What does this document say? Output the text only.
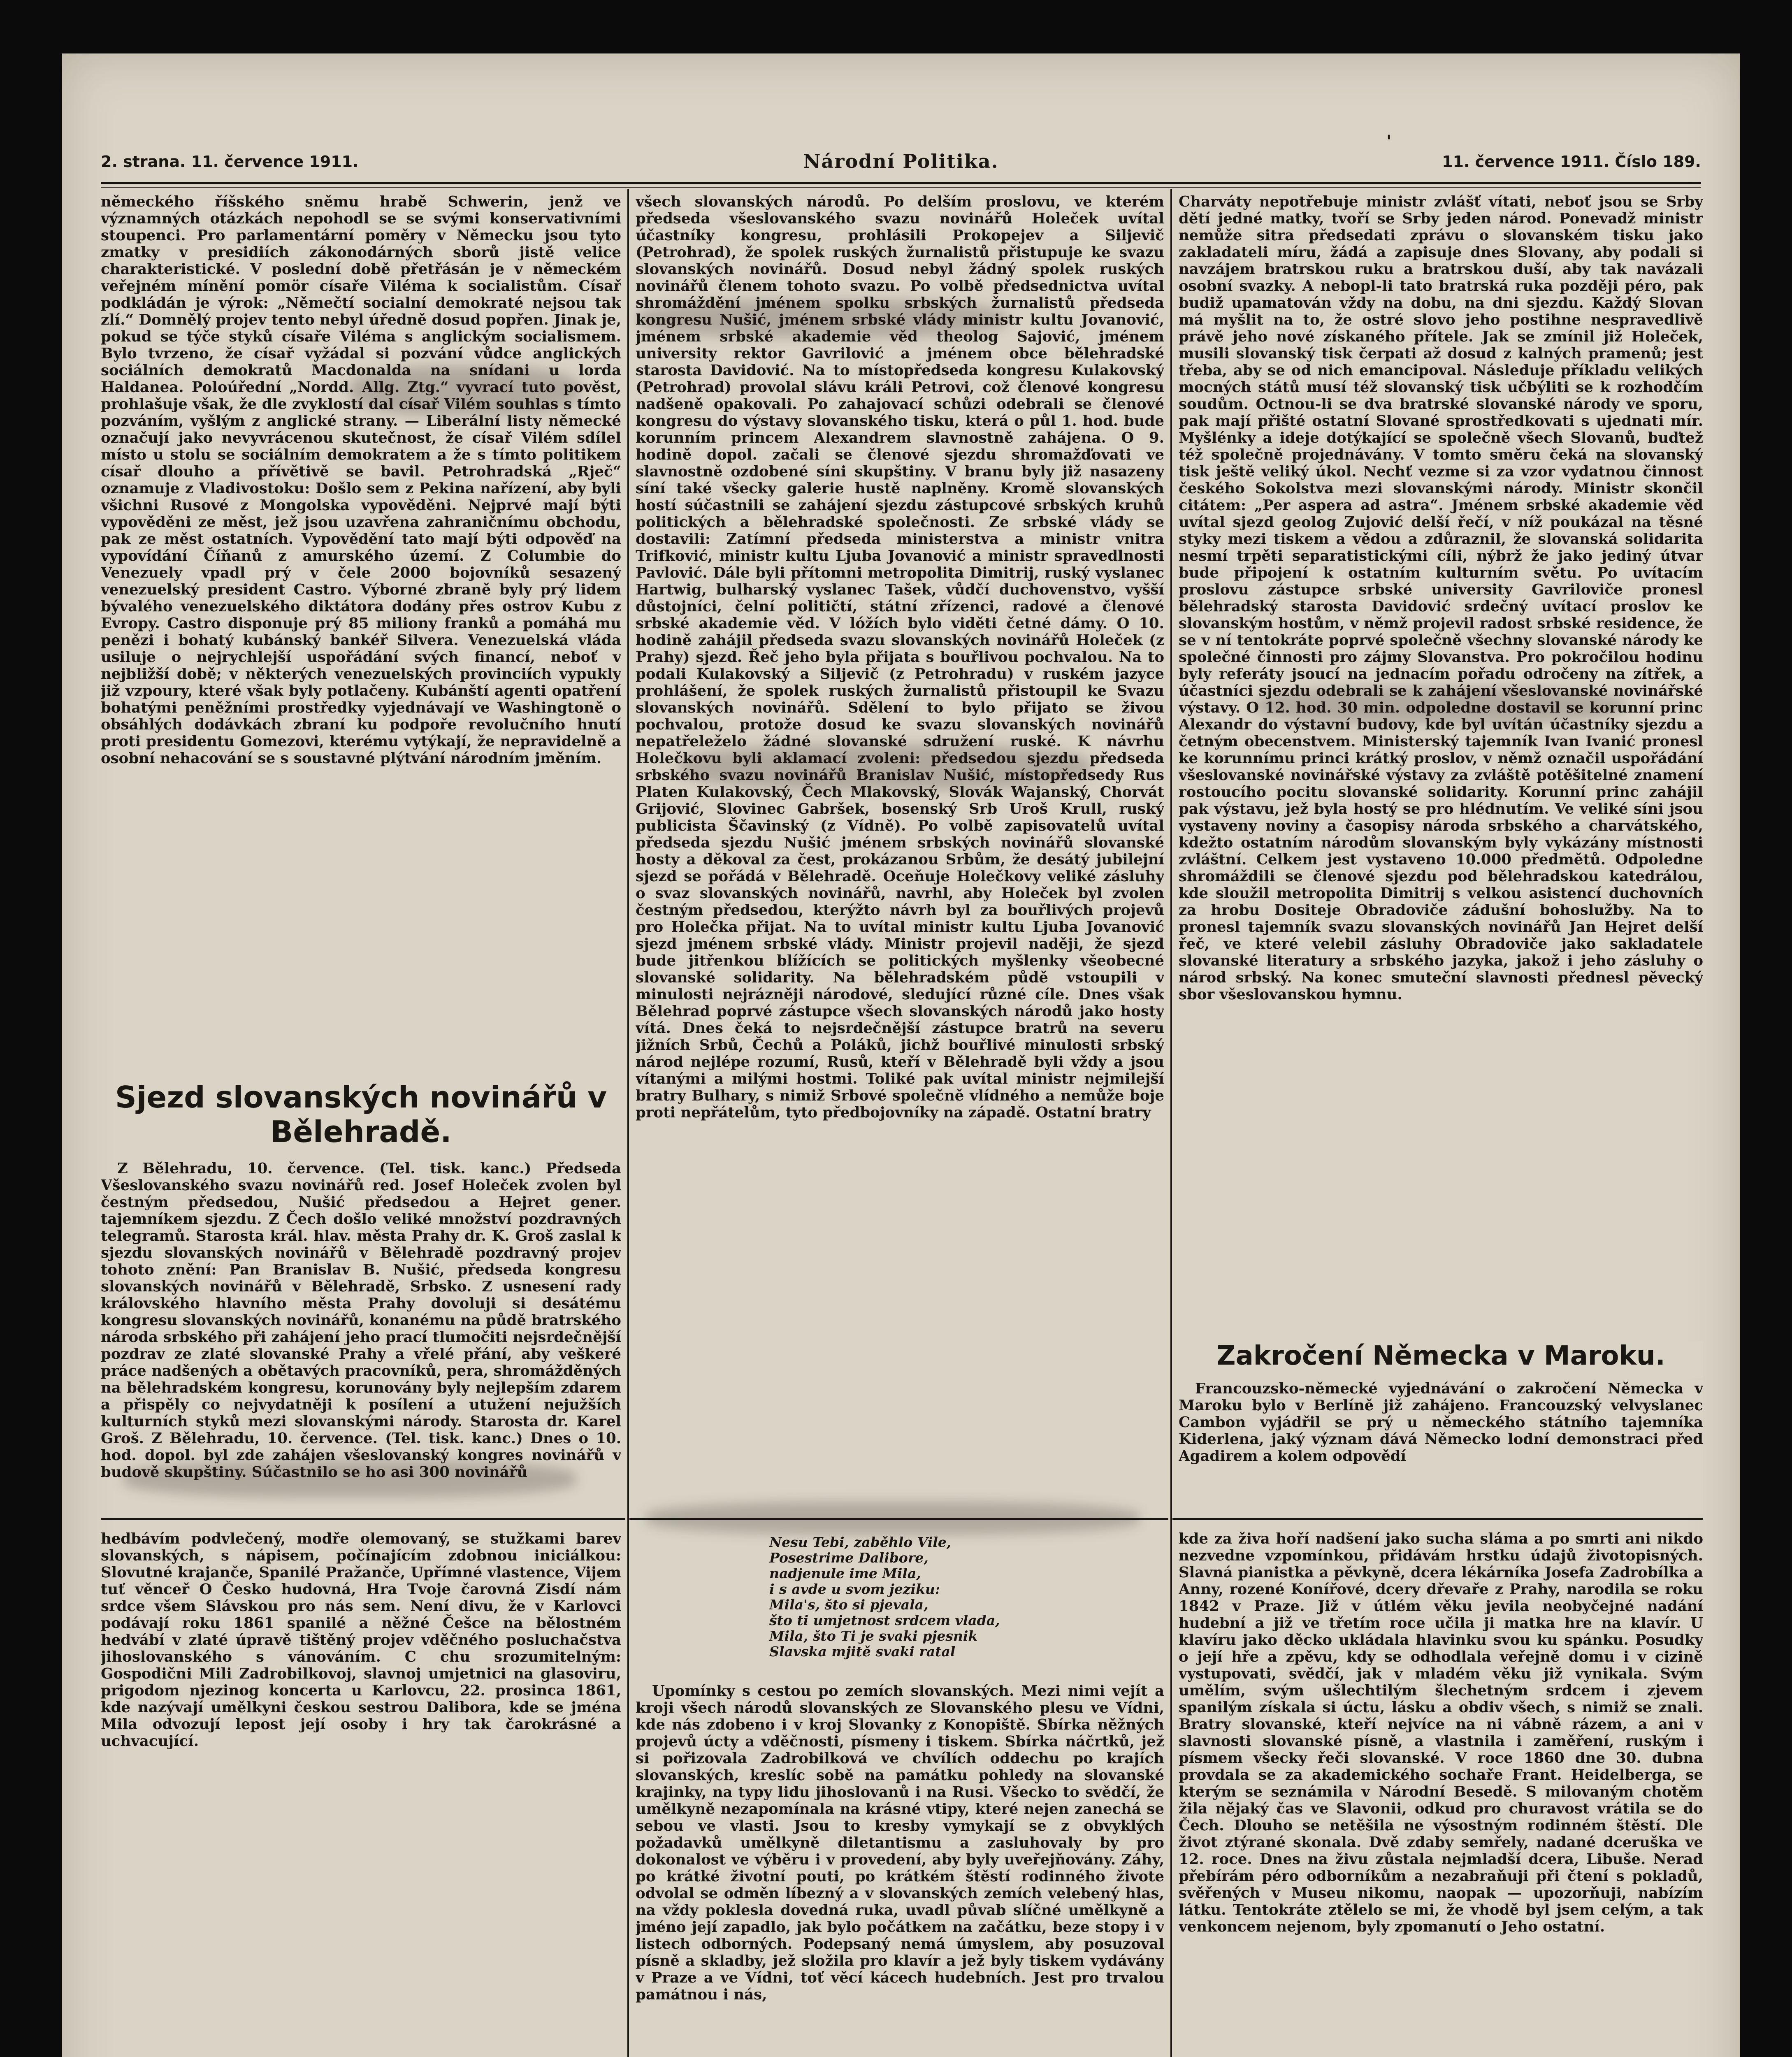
2. strana. 11. července 1911.	Národní Politika.	11. července 1911. Číslo 189.

německého říšského sněmu hrabě Schwerin, jenž ve významných otázkách nepohodl se se svými konservativními stoupenci. Pro parlamentární poměry v Německu jsou tyto zmatky v presidiích zákonodárných sborů jistě velice charakteristické. V poslední době přetřásán je v německém veřejném mínění pomör císaře Viléma k socialistům. Císař podkládán je výrok: „Němečtí socialní demokraté nejsou tak zlí.“ Domnělý projev tento nebyl úředně dosud popřen. Jinak je, pokud se týče styků císaře Viléma s anglickým socialismem. Bylo tvrzeno, že císař vyžádal si pozvání vůdce anglických sociálních demokratů Macdonalda na snídani u lorda Haldanea. Poloúřední „Nordd. Allg. Ztg.“ vyvrací tuto pověst, prohlašuje však, že dle zvyklostí dal císař Vilém souhlas s tímto pozváním, vyšlým z anglické strany. — Liberální listy německé označují jako nevyvrácenou skutečnost, že císař Vilém sdílel místo u stolu se sociálním demokratem a že s tímto politikem císař dlouho a přívětivě se bavil. Petrohradská „Rječ“ oznamuje z Vladivostoku: Došlo sem z Pekina nařízení, aby byli všichni Rusové z Mongolska vypověděni. Nejprvé mají býti vypověděni ze měst, jež jsou uzavřena zahraničnímu obchodu, pak ze měst ostatních. Vypovědění tato mají býti odpověď na vypovídání Číňanů z amurského území. Z Columbie do Venezuely vpadl prý v čele 2000 bojovníků sesazený venezuelský president Castro. Výborné zbraně byly prý lidem bývalého venezuelského diktátora dodány přes ostrov Kubu z Evropy. Castro disponuje prý 85 miliony franků a pomáhá mu penězi i bohatý kubánský bankéř Silvera. Venezuelská vláda usiluje o nejrychlejší uspořádání svých financí, neboť v nejbližší době; v některých venezuelských provinciích vypukly již vzpoury, které však byly potlačeny. Kubánští agenti opatření bohatými peněžními prostředky vyjednávají ve Washingtoně o obsáhlých dodávkách zbraní ku podpoře revolučního hnutí proti presidentu Gomezovi, kterému vytýkají, že nepravidelně a osobní nehacování se s soustavné plýtvání národním jměním.

Sjezd slovanských novinářů v Bělehradě.

Z Bělehradu, 10. července. (Tel. tisk. kanc.) Předseda Všeslovanského svazu novinářů red. Josef Holeček zvolen byl čestným předsedou, Nušić předsedou a Hejret gener. tajemníkem sjezdu. Z Čech došlo veliké množství pozdravných telegramů. Starosta král. hlav. města Prahy dr. K. Groš zaslal k sjezdu slovanských novinářů v Bělehradě pozdravný projev tohoto znění: Pan Branislav B. Nušić, předseda kongresu slovanských novinářů v Bělehradě, Srbsko. Z usnesení rady královského hlavního města Prahy dovoluji si desátému kongresu slovanských novinářů, konanému na půdě bratrského národa srbského při zahájení jeho prací tlumočiti nejsrdečnější pozdrav ze zlaté slovanské Prahy a vřelé přání, aby veškeré práce nadšených a obětavých pracovníků, pera, shromážděných na bělehradském kongresu, korunovány byly nejlepším zdarem a přispěly co nejvydatněji k posílení a utužení nejužších kulturních styků mezi slovanskými národy. Starosta dr. Karel Groš. Z Bělehradu, 10. července. (Tel. tisk. kanc.) Dnes o 10. hod. dopol. byl zde zahájen všeslovanský kongres novinářů v budově skupštiny. Súčastnilo se ho asi 300 novinářů

hedbávím podvlečený, modře olemovaný, se stužkami barev slovanských, s nápisem, počínajícím zdobnou iniciálkou: Slovutné krajanče, Spanilé Pražanče, Upřímné vlastence, Vijem tuť věnceř O Česko hudovná, Hra Tvoje čarovná Zisdí nám srdce všem Slávskou pro nás sem. Není divu, že v Karlovci podávají roku 1861 spanilé a něžné Češce na bělostném hedvábí v zlaté úpravě tištěný projev vděčného posluchačstva jihoslovanského s vánováním. C chu srozumitelným: Gospodični Mili Zadrobilkovoj, slavnoj umjetnici na glasoviru, prigodom njezinog koncerta u Karlovcu, 22. prosinca 1861, kde nazývají umělkyni českou sestrou Dalibora, kde se jména Mila odvozují lepost její osoby i hry tak čarokrásné a uchvacující.

všech slovanských národů. Po delším proslovu, ve kterém předseda všeslovanského svazu novinářů Holeček uvítal účastníky kongresu, prohlásili Prokopejev a Siljevič (Petrohrad), že spolek ruských žurnalistů přistupuje ke svazu slovanských novinářů. Dosud nebyl žádný spolek ruských novinářů členem tohoto svazu. Po volbě předsednictva uvítal shromáždění jménem spolku srbských žurnalistů předseda kongresu Nušić, jménem srbské vlády ministr kultu Jovanović, jménem srbské akademie věd theolog Sajović, jménem university rektor Gavrilović a jménem obce bělehradské starosta Davidović. Na to místopředseda kongresu Kulakovský (Petrohrad) provolal slávu králi Petrovi, což členové kongresu nadšeně opakovali. Po zahajovací schůzi odebrali se členové kongresu do výstavy slovanského tisku, která o půl 1. hod. bude korunním princem Alexandrem slavnostně zahájena. O 9. hodině dopol. začali se členové sjezdu shromažďovati ve slavnostně ozdobené síni skupštiny. V branu byly již nasazeny síní také všecky galerie hustě naplněny. Kromě slovanských hostí súčastnili se zahájení sjezdu zástupcové srbských kruhů politických a bělehradské společnosti. Ze srbské vlády se dostavili: Zatímní předseda ministerstva a ministr vnitra Trifković, ministr kultu Ljuba Jovanović a ministr spravedlnosti Pavlović. Dále byli přítomni metropolita Dimitrij, ruský vyslanec Hartwig, bulharský vyslanec Tašek, vůdčí duchovenstvo, vyšší důstojníci, čelní političtí, státní zřízenci, radové a členové srbské akademie věd. V lóžích bylo viděti četné dámy. O 10. hodině zahájil předseda svazu slovanských novinářů Holeček (z Prahy) sjezd. Řeč jeho byla přijata s bouřlivou pochvalou. Na to podali Kulakovský a Siljevič (z Petrohradu) v ruském jazyce prohlášení, že spolek ruských žurnalistů přistoupil ke Svazu slovanských novinářů. Sdělení to bylo přijato se živou pochvalou, protože dosud ke svazu slovanských novinářů nepatřeleželo žádné slovanské sdružení ruské. K návrhu Holečkovu byli aklamací zvoleni: předsedou sjezdu předseda srbského svazu novinářů Branislav Nušić, místopředsedy Rus Platen Kulakovský, Čech Mlakovský, Slovák Wajanský, Chorvát Grijović, Slovinec Gabršek, bosenský Srb Uroš Krull, ruský publicista Ščavinský (z Vídně). Po volbě zapisovatelů uvítal předseda sjezdu Nušić jménem srbských novinářů slovanské hosty a děkoval za čest, prokázanou Srbům, že desátý jubilejní sjezd se pořádá v Bělehradě. Oceňuje Holečkovy veliké zásluhy o svaz slovanských novinářů, navrhl, aby Holeček byl zvolen čestným předsedou, kterýžto návrh byl za bouřlivých projevů pro Holečka přijat. Na to uvítal ministr kultu Ljuba Jovanović sjezd jménem srbské vlády. Ministr projevil naději, že sjezd bude jitřenkou blížících se politických myšlenky všeobecné slovanské solidarity. Na bělehradském půdě vstoupili v minulosti nejrázněji národové, sledující různé cíle. Dnes však Bělehrad poprvé zástupce všech slovanských národů jako hosty vítá. Dnes čeká to nejsrdečnější zástupce bratrů na severu jižních Srbů, Čechů a Poláků, jichž bouřlivé minulosti srbský národ nejlépe rozumí, Rusů, kteří v Bělehradě byli vždy a jsou vítanými a milými hostmi. Toliké pak uvítal ministr nejmilejší bratry Bulhary, s nimiž Srbové společně vlídného a nemůže boje proti nepřátelům, tyto předbojovníky na západě. Ostatní bratry

Nesu Tebi, zaběhlo Vile,
Posestrime Dalibore,
nadjenule ime Mila,
i s avde u svom jeziku:
Mila's, što si pjevala,
što ti umjetnost srdcem vlada,
Mila, što Ti je svaki pjesnik
Slavska mjitě svaki ratal

Upomínky s cestou po zemích slovanských. Mezi nimi vejít a kroji všech národů slovanských ze Slovanského plesu ve Vídni, kde nás zdobeno i v kroj Slovanky z Konopiště. Sbírka něžných projevů úcty a vděčnosti, písmeny i tiskem. Sbírka náčrtků, jež si pořizovala Zadrobilková ve chvílích oddechu po krajích slovanských, kreslíc sobě na památku pohledy na slovanské krajinky, na typy lidu jihoslovanů i na Rusi. Všecko to svědčí, že umělkyně nezapomínala na krásné vtipy, které nejen zanechá se sebou ve vlasti. Jsou to kresby vymykají se z obvyklých požadavků umělkyně diletantismu a zasluhovaly by pro dokonalost ve výběru i v provedení, aby byly uveřejňovány. Záhy, po krátké životní pouti, po krátkém štěstí rodinného živote odvolal se odměn líbezný a v slovanských zemích velebený hlas, na vždy poklesla dovedná ruka, uvadl půvab slíčné umělkyně a jméno její zapadlo, jak bylo počátkem na začátku, beze stopy i v listech odborných. Podepsaný nemá úmyslem, aby posuzoval písně a skladby, jež složila pro klavír a jež byly tiskem vydávány v Praze a ve Vídni, toť věcí kácech hudebních. Jest pro trvalou památnou i nás,

Charváty nepotřebuje ministr zvlášť vítati, neboť jsou se Srby dětí jedné matky, tvoří se Srby jeden národ. Ponevadž ministr nemůže sitra předsedati zprávu o slovanském tisku jako zakladateli míru, žádá a zapisuje dnes Slovany, aby podali si navzájem bratrskou ruku a bratrskou duší, aby tak navázali osobní svazky. A nebopl-li tato bratrská ruka později péro, pak budiž upamatován vždy na dobu, na dni sjezdu. Každý Slovan má myšlit na to, že ostré slovo jeho postihne nespravedlivě právě jeho nové získaného přítele. Jak se zmínil již Holeček, musili slovanský tisk čerpati až dosud z kalných pramenů; jest třeba, aby se od nich emancipoval. Následuje příkladu velikých mocných států musí též slovanský tisk učbýliti se k rozhodčím soudům. Octnou-li se dva bratrské slovanské národy ve sporu, pak mají přišté ostatní Slované sprostředkovati s ujednati mír. Myšlénky a ideje dotýkající se společně všech Slovanů, buďtež též společně projednávány. V tomto směru čeká na slovanský tisk ještě veliký úkol. Nechť vezme si za vzor vydatnou činnost českého Sokolstva mezi slovanskými národy. Ministr skončil citátem: „Per aspera ad astra“. Jménem srbské akademie věd uvítal sjezd geolog Zujović delší řečí, v níž poukázal na těsné styky mezi tiskem a vědou a zdůraznil, že slovanská solidarita nesmí trpěti separatistickými cíli, nýbrž že jako jediný útvar bude připojení k ostatním kulturním světu. Po uvítacím proslovu zástupce srbské university Gavriloviče pronesl bělehradský starosta Davidović srdečný uvítací proslov ke slovanským hostům, v němž projevil radost srbské residence, že se v ní tentokráte poprvé společně všechny slovanské národy ke společné činnosti pro zájmy Slovanstva. Pro pokročilou hodinu byly referáty jsoucí na jednacím pořadu odročeny na zítřek, a účastníci sjezdu odebrali se k zahájení všeslovanské novinářské výstavy. O 12. hod. 30 min. odpoledne dostavil se korunní princ Alexandr do výstavní budovy, kde byl uvítán účastníky sjezdu a četným obecenstvem. Ministerský tajemník Ivan Ivanić pronesl ke korunnímu princi krátký proslov, v němž označil uspořádání všeslovanské novinářské výstavy za zvláště potěšitelné znamení rostoucího pocitu slovanské solidarity. Korunní princ zahájil pak výstavu, jež byla hostý se pro hlédnutím. Ve veliké síni jsou vystaveny noviny a časopisy národa srbského a charvátského, kdežto ostatním národům slovanským byly vykázány místnosti zvláštní. Celkem jest vystaveno 10.000 předmětů. Odpoledne shromáždili se členové sjezdu pod bělehradskou katedrálou, kde sloužil metropolita Dimitrij s velkou asistencí duchovních za hrobu Dositeje Obradoviče zádušní bohoslužby. Na to pronesl tajemník svazu slovanských novinářů Jan Hejret delší řeč, ve které velebil zásluhy Obradoviče jako sakladatele slovanské literatury a srbského jazyka, jakož i jeho zásluhy o národ srbský. Na konec smuteční slavnosti přednesl pěvecký sbor všeslovanskou hymnu.

Zakročení Německa v Maroku.

Francouzsko-německé vyjednávání o zakročení Německa v Maroku bylo v Berlíně již zahájeno. Francouzský velvyslanec Cambon vyjádřil se prý u německého státního tajemníka Kiderlena, jaký význam dává Německo lodní demonstraci před Agadirem a kolem odpovědí

kde za živa hoří nadšení jako sucha sláma a po smrti ani nikdo nezvedne vzpomínkou, přidávám hrstku údajů životopisných. Slavná pianistka a pěvkyně, dcera lékárníka Josefa Zadrobílka a Anny, rozené Konířové, dcery dřevaře z Prahy, narodila se roku 1842 v Praze. Již v útlém věku jevila neobyčejné nadání hudební a již ve třetím roce učila ji matka hre na klavír. U klavíru jako děcko ukládala hlavinku svou ku spánku. Posudky o její hře a zpěvu, kdy se odhodlala veřejně domu i v cizině vystupovati, svědčí, jak v mladém věku již vynikala. Svým umělím, svým ušlechtilým šlechetným srdcem i zjevem spanilým získala si úctu, lásku a obdiv všech, s nimiž se znali. Bratry slovanské, kteří nejvíce na ni vábně rázem, a ani v slavnosti slovanské písně, a vlastnila i zaměření, ruským i písmem všecky řeči slovanské. V roce 1860 dne 30. dubna provdala se za akademického sochaře Frant. Heidelberga, se kterým se seznámila v Národní Besedě. S milovaným chotěm žila nějaký čas ve Slavonii, odkud pro churavost vrátila se do Čech. Dlouho se netěšila ne výsostným rodinném štěstí. Dle život ztýrané skonala. Dvě zdaby semřely, nadané dceruška ve 12. roce. Dnes na živu zůstala nejmladší dcera, Libuše. Nerad přebírám péro odborníkům a nezabraňuji při čtení s pokladů, svěřených v Museu nikomu, naopak — upozorňuji, nabízím látku. Tentokráte ztělelo se mi, že vhodě byl jsem celým, a tak venkoncem nejenom, byly zpomanutí o Jeho ostatní.

'
